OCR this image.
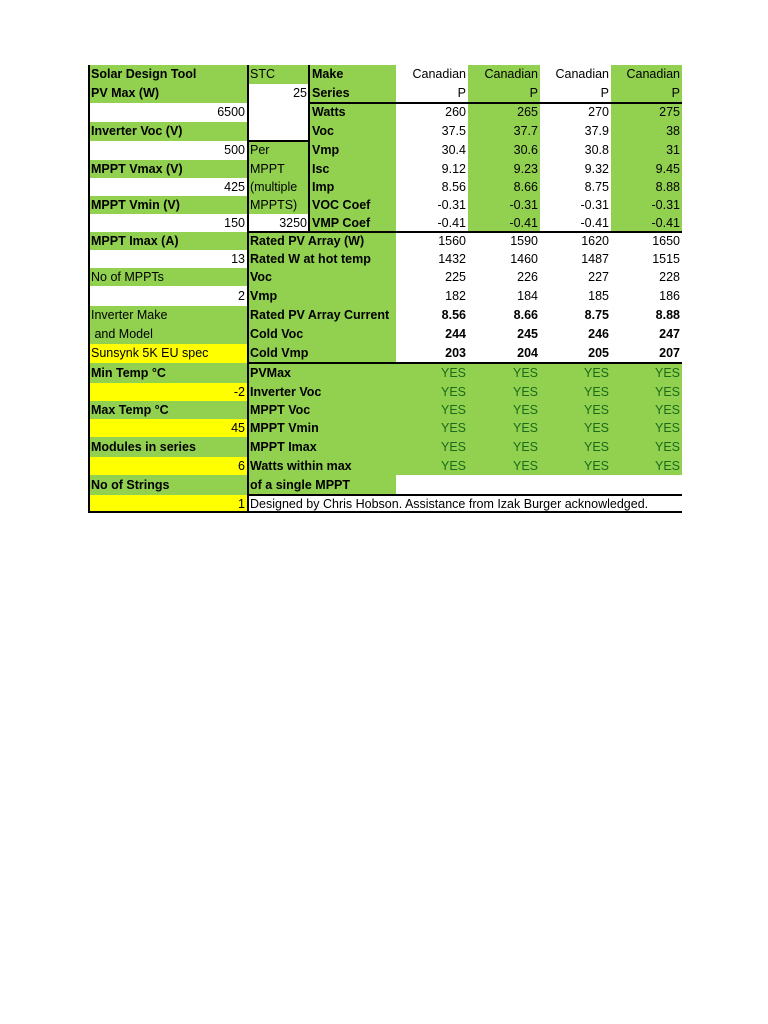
Solar Design Tool
PV Max (W)
6500
Inverter Voc (V)
500
MPPT Vmax (V)
425
MPPT Vmin (V)
150
MPPT Imax (A)
13
No of MPPTs
2
Inverter Make
and Model
Sunsynk 5K EU spec
Min Temp °C
-2
Max Temp °C
45
Modules in series
6
No of Strings
1
STC
25
Per
MPPT
(multiple
MPPTS)
3250
Make
Series
Watts
Voc
Vmp
Isc
Imp
VOC Coef
VMP Coef
Rated PV Array (W)
Rated W at hot temp
Voc
Vmp
Rated PV Array Current
Cold Voc
Cold Vmp
PVMax
Inverter Voc
MPPT Voc
MPPT Vmin
MPPT Imax
Watts within max
of a single MPPT
Designed by Chris Hobson. Assistance from Izak Burger acknowledged.
Canadian
P
260
37.5
30.4
9.12
8.56
-0.31
-0.41
1560
1432
225
182
8.56
244
203
YES
YES
YES
YES
YES
YES
Canadian
P
265
37.7
30.6
9.23
8.66
-0.31
-0.41
1590
1460
226
184
8.66
245
204
YES
YES
YES
YES
YES
YES
Canadian
P
270
37.9
30.8
9.32
8.75
-0.31
-0.41
1620
1487
227
185
8.75
246
205
YES
YES
YES
YES
YES
YES
Canadian
P
275
38
31
9.45
8.88
-0.31
-0.41
1650
1515
228
186
8.88
247
207
YES
YES
YES
YES
YES
YES
